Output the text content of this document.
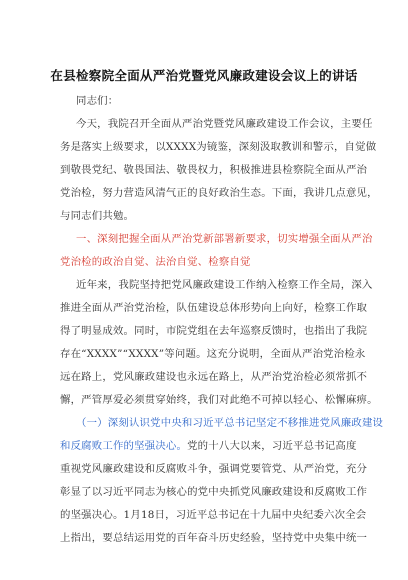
在县检察院全面从严治党暨党风廉政建设会议上的讲话
同志们：
今天，我院召开全面从严治党暨党风廉政建设工作会议，主要任
务是落实上级要求，以XXXX为镜鉴，深刻汲取教训和警示，自觉做
到敬畏党纪、敬畏国法、敬畏权力，积极推进县检察院全面从严治
党治检，努力营造风清气正的良好政治生态。下面，我讲几点意见，
与同志们共勉。
一、深刻把握全面从严治党新部署新要求，切实增强全面从严治
党治检的政治自觉、法治自觉、检察自觉
近年来，我院坚持把党风廉政建设工作纳入检察工作全局，深入
推进全面从严治党治检，队伍建设总体形势向上向好，检察工作取
得了明显成效。同时，市院党组在去年巡察反馈时，也指出了我院
存在“XXXX”“XXXX”等问题。这充分说明，全面从严治党治检永
远在路上，党风廉政建设也永远在路上，从严治党治检必须常抓不
懈，严管厚爱必须贯穿始终，我们对此绝不可掉以轻心、松懈麻痹。
（一）深刻认识党中央和习近平总书记坚定不移推进党风廉政建设
和反腐败工作的坚强决心。党的十八大以来，习近平总书记高度
重视党风廉政建设和反腐败斗争，强调党要管党、从严治党，充分
彰显了以习近平同志为核心的党中央抓党风廉政建设和反腐败工作
的坚强决心。1月18日，习近平总书记在十九届中央纪委六次全会
上指出，要总结运用党的百年奋斗历史经验，坚持党中央集中统一
